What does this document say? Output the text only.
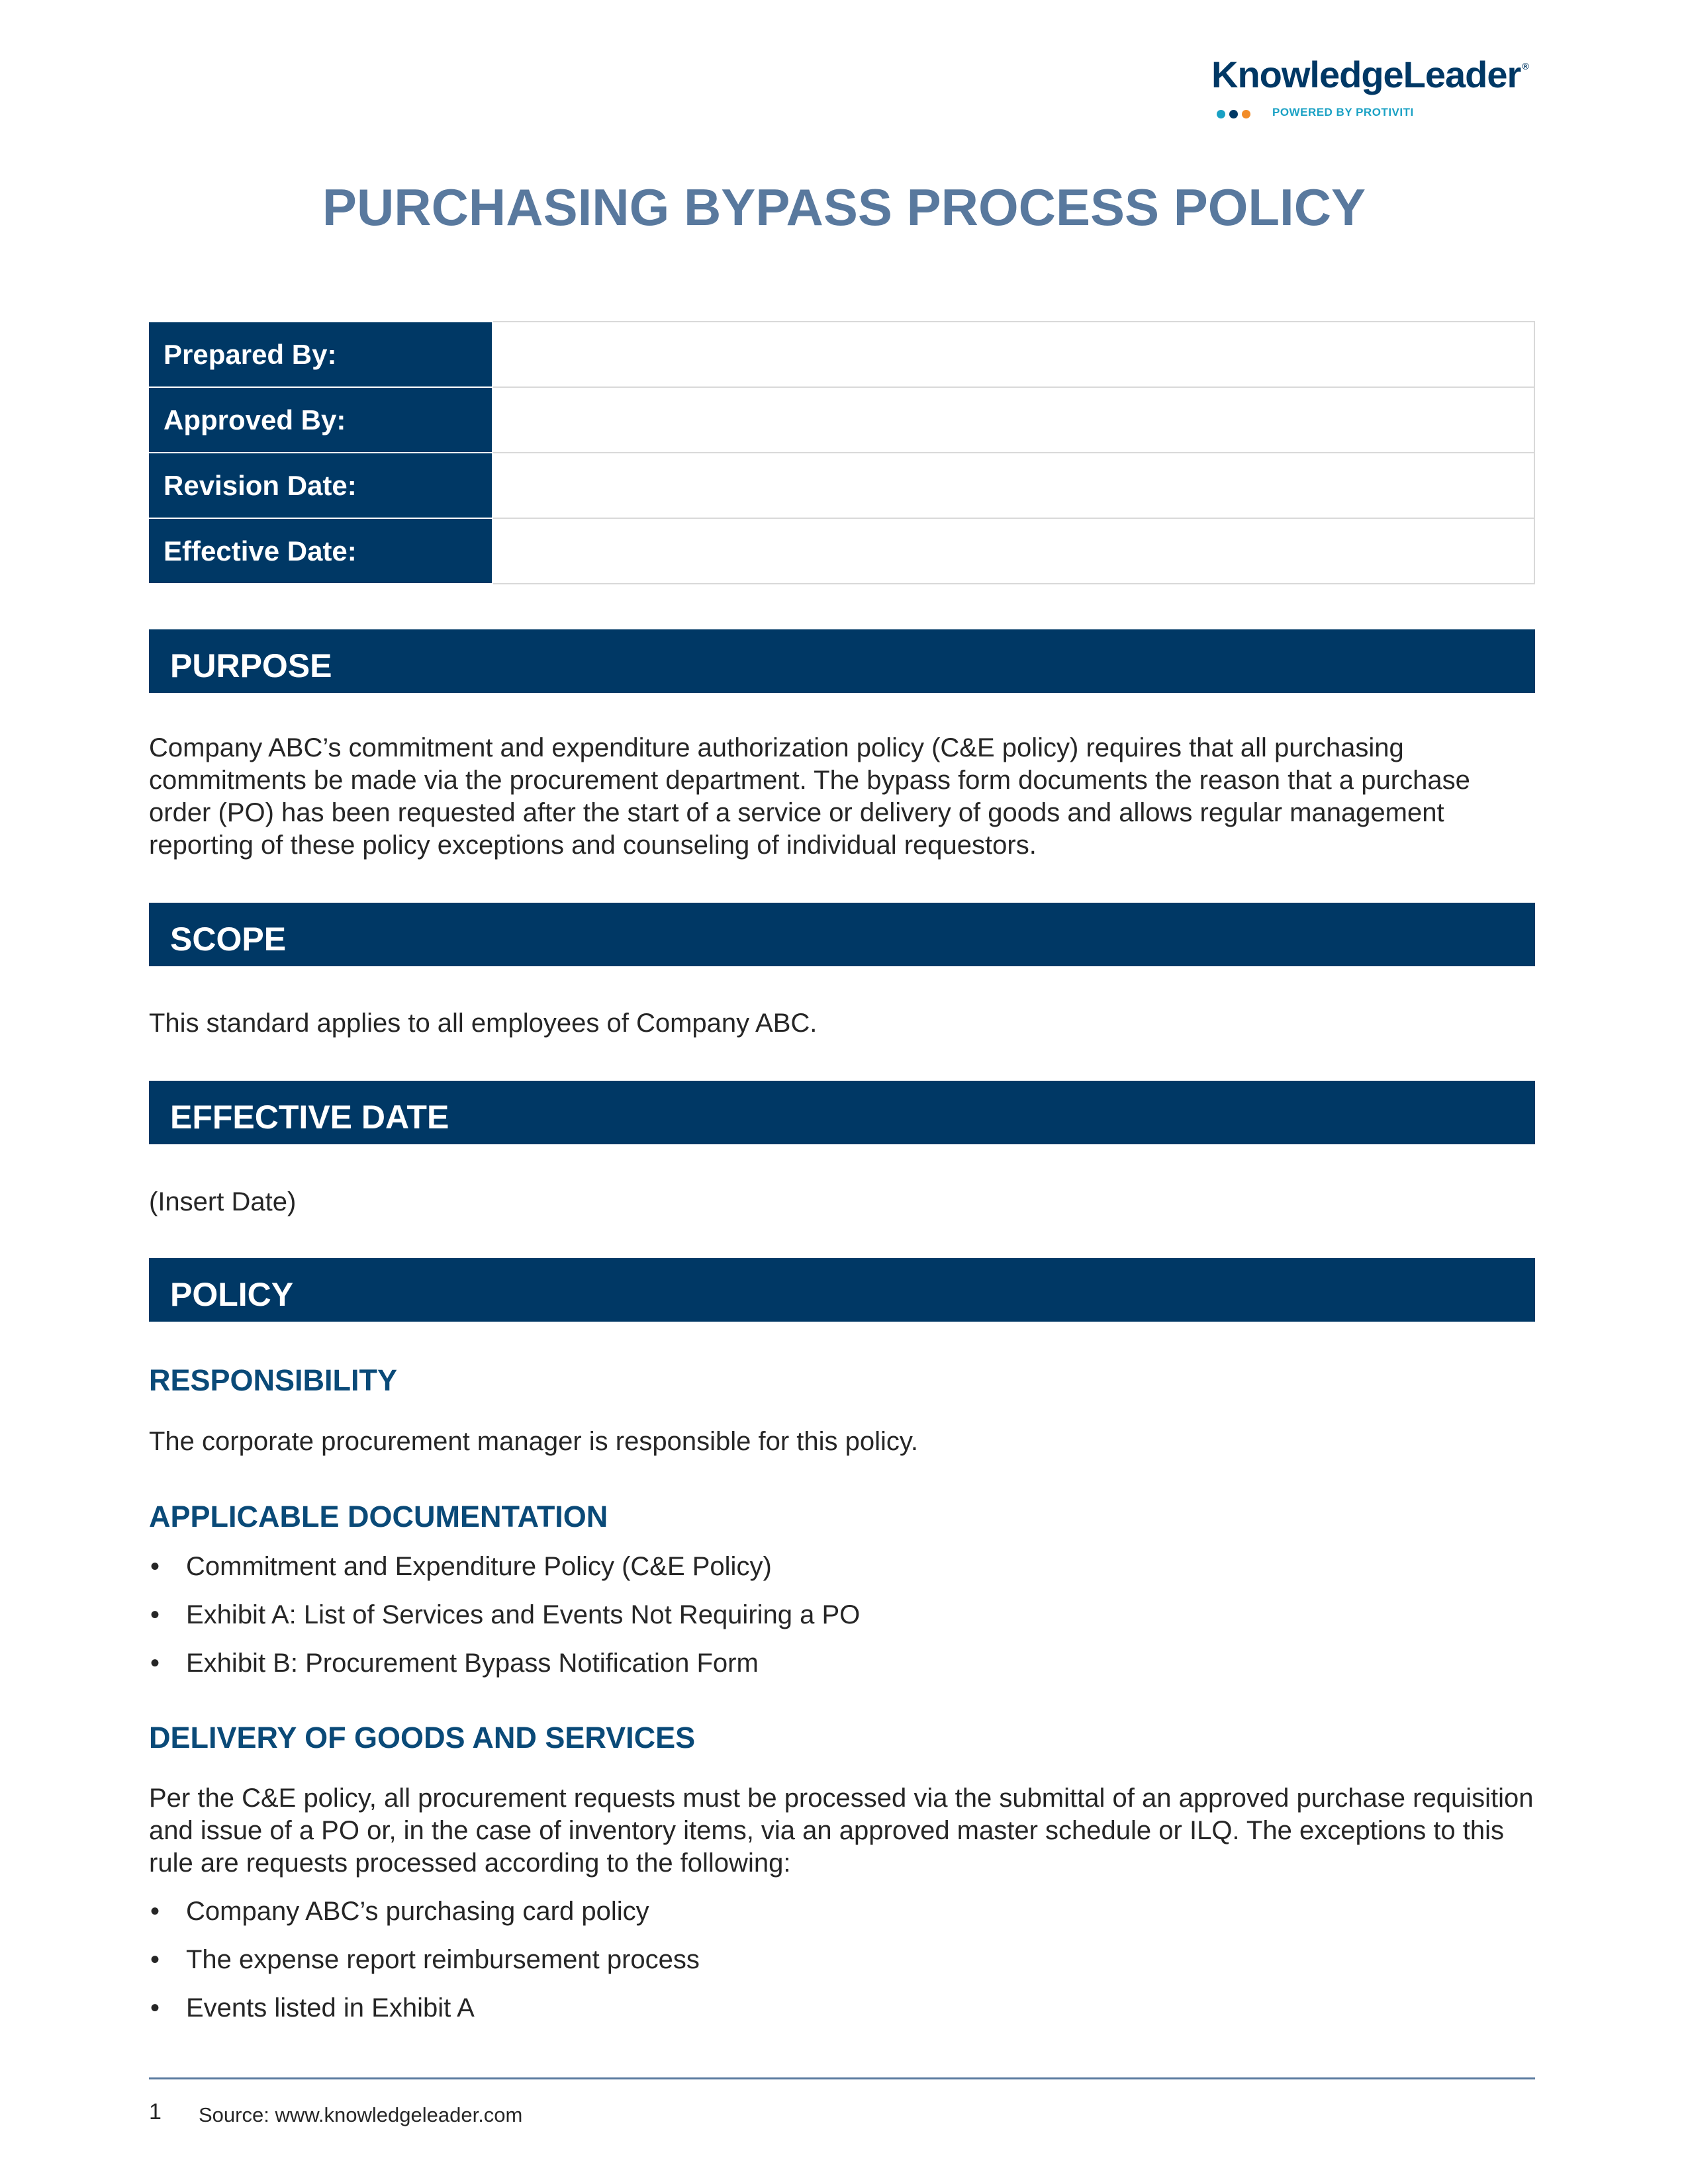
KnowledgeLeader ®
POWERED BY PROTIVITI
PURCHASING BYPASS PROCESS POLICY
Prepared By:	
Approved By:	
Revision Date:	
Effective Date:	
PURPOSE

Company ABC’s commitment and expenditure authorization policy (C&E policy) requires that all purchasing commitments be made via the procurement department. The bypass form documents the reason that a purchase order (PO) has been requested after the start of a service or delivery of goods and allows regular management reporting of these policy exceptions and counseling of individual requestors.

SCOPE

This standard applies to all employees of Company ABC.

EFFECTIVE DATE

(Insert Date)

POLICY
RESPONSIBILITY

The corporate procurement manager is responsible for this policy.

APPLICABLE DOCUMENTATION
• Commitment and Expenditure Policy (C&E Policy)
• Exhibit A: List of Services and Events Not Requiring a PO
• Exhibit B: Procurement Bypass Notification Form
DELIVERY OF GOODS AND SERVICES

Per the C&E policy, all procurement requests must be processed via the submittal of an approved purchase requisition and issue of a PO or, in the case of inventory items, via an approved master schedule or ILQ. The exceptions to this rule are requests processed according to the following:

• Company ABC’s purchasing card policy
• The expense report reimbursement process
• Events listed in Exhibit A
1 Source: www.knowledgeleader.com
